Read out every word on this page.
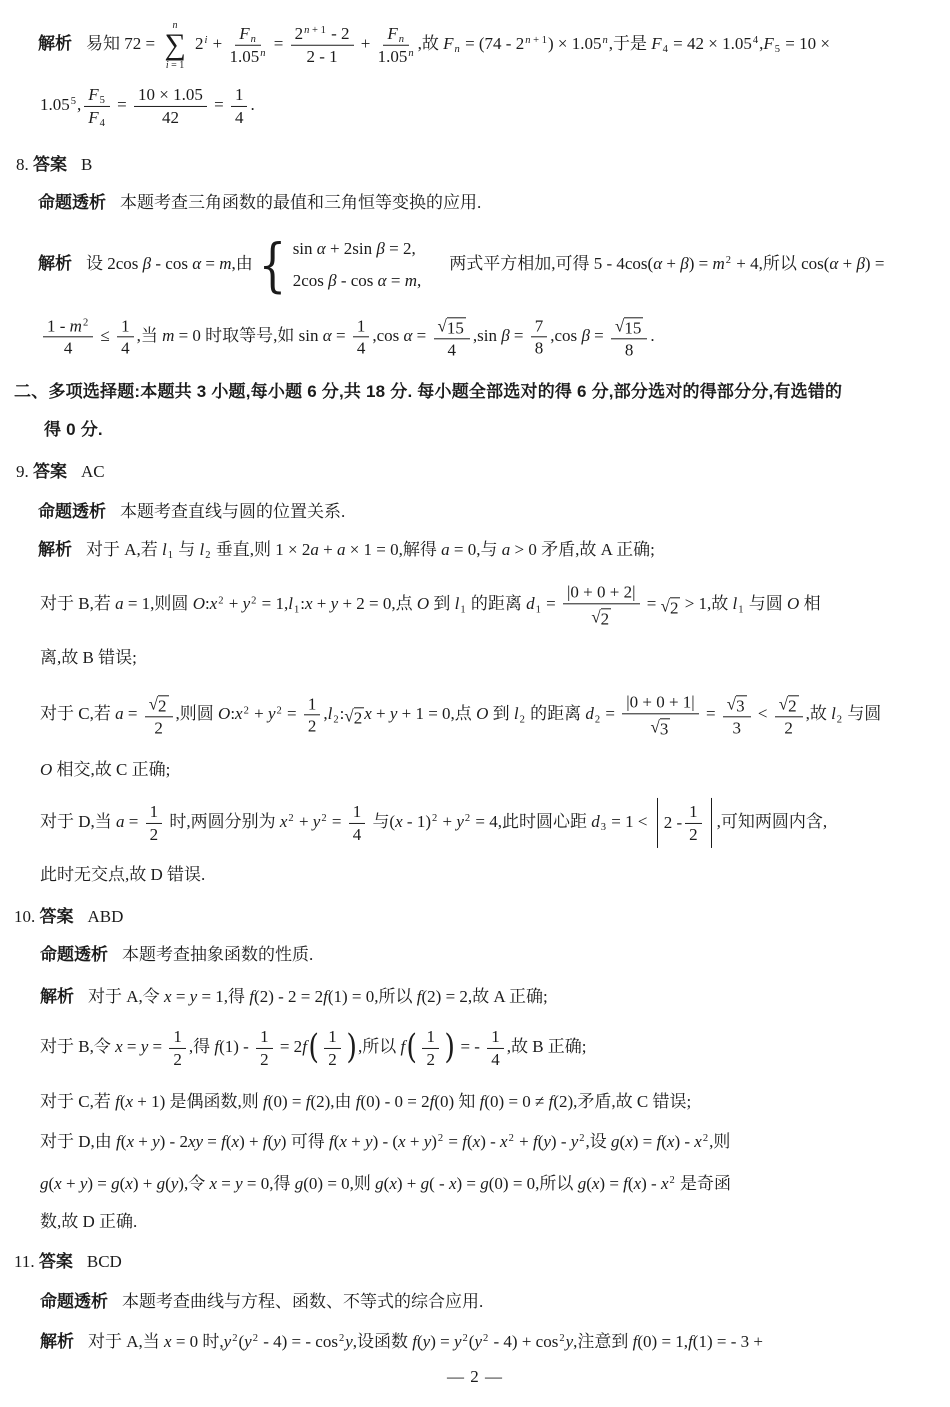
解析 易知 72 =
n
∑
i = 1
$2^i + \frac{Fn}{1.05^n} = \frac{2^{n + 1} - 2}{2 - 1} + \frac{Fn}{1.05^n}$ ,故 $Fn = (74 - 2^{n + 1}) \times 1.05^n$,于是 $F4 = 42 \times 1.05^4,F5 = 10$ ×
$1.05^5$, $\frac{F5}{F4} = \frac{10 \times 1.05}{42} = \frac{1}{4}$ .
8. 答案 B
命题透析 本题考查三角函数的最值和三角恒等变换的应用.
解析 设 2cos β - cos α = m,由 { sin α + 2sin β = 2,
2cos β - cos α = m,
两式平方相加,可得 $5 - 4\cos(\alpha + \beta) = m^2 + 4$,所以 cos(α + β) =
$\frac{1 - m^2}{4} \le \frac{1}{4}$ ,当 m = 0 时取等号,如 $\sin \alpha = \frac{1}{4} ,\cos$ $\alpha = \frac{√ 15}{4} ,\sin$ $\beta = \frac{7}{8} ,\cos$ $\beta = \frac{√ 15}{8}$ .
二、多项选择题:本题共 3 小题,每小题 6 分,共 18 分. 每小题全部选对的得 6 分,部分选对的得部分分,有选错的
得 0 分.
9. 答案 AC
命题透析 本题考查直线与圆的位置关系.
解析 对于 A,若 l1 与 l2 垂直,则 1 × 2a + a × 1 = 0,解得 a = 0,与 a > 0 矛盾,故 A 正确;
对于 B,若 a = 1,则圆 $O:x^2 + y^2$ = 1,l1:x + y + 2 = 0,点 O 到 l1 的距离 $d1 = \frac{|0 + 0 + 2|}{√ 2}$ = √ 2 > 1,故 l1 与圆 O 相
离,故 B 错误;
对于 C,若 $a = \frac{√ 2}{2}$ ,则圆 $O:x^2 + y^2 = \frac{1}{2} ,l2$: √ 2 x + y + 1 = 0,点 O 到 l2 的距离 $d2 = \frac{|0 + 0 + 1|}{√ 3} = \frac{√ 3}{3} < \frac{√ 2}{2}$ ,故 l2 与圆
O 相交,故 C 正确;
对于 D,当 $a = \frac{1}{2}$ 时,两圆分别为 $x^2 + y^2 = \frac{1}{4}$ 与$(x - 1)^2 + y^2 = 4$,此时圆心距 $d3 = 1 < 2 - \frac{1}{2}$ ,可知两圆内含,
此时无交点,故 D 错误.
10. 答案 ABD
命题透析 本题考查抽象函数的性质.
解析 对于 A,令 x = y = 1,得 f(2) - 2 = 2f(1) = 0,所以 f(2) = 2,故 A 正确;
对于 B,令 $x = y = \frac{1}{2}$ ,得 $f(1) - \frac{1}{2} = 2f$ ( $\frac{1}{2}$ ) ,所以 f ( $\frac{1}{2}$ ) = - $\frac{1}{4}$ ,故 B 正确;
对于 C,若 f(x + 1) 是偶函数,则 f(0) = f(2),由 f(0) - 0 = 2f(0) 知 f(0) = 0 ≠ f(2),矛盾,故 C 错误;
对于 D,由 f(x + y) - 2xy = f(x) + f(y) 可得 $f(x + y) - (x + y)^2 = f(x) - x^2 + f(y) - y^2$,设 $g(x) = f(x) - x^2$,则
g(x + y) = g(x) + g(y),令 x = y = 0,得 g(0) = 0,则 g(x) + g( - x) = g(0) = 0,所以 $g(x) = f(x) - x^2$ 是奇函
数,故 D 正确.
11. 答案 BCD
命题透析 本题考查曲线与方程、函数、不等式的综合应用.
解析 对于 A,当 x = 0 时$,y^2(y^2 - 4)$ = - $\cos^2y$,设函数 $f(y) = y^2(y^2 - 4) + \cos^2y$,注意到 f(0) = 1,f(1) = - 3 +
— 2 —
